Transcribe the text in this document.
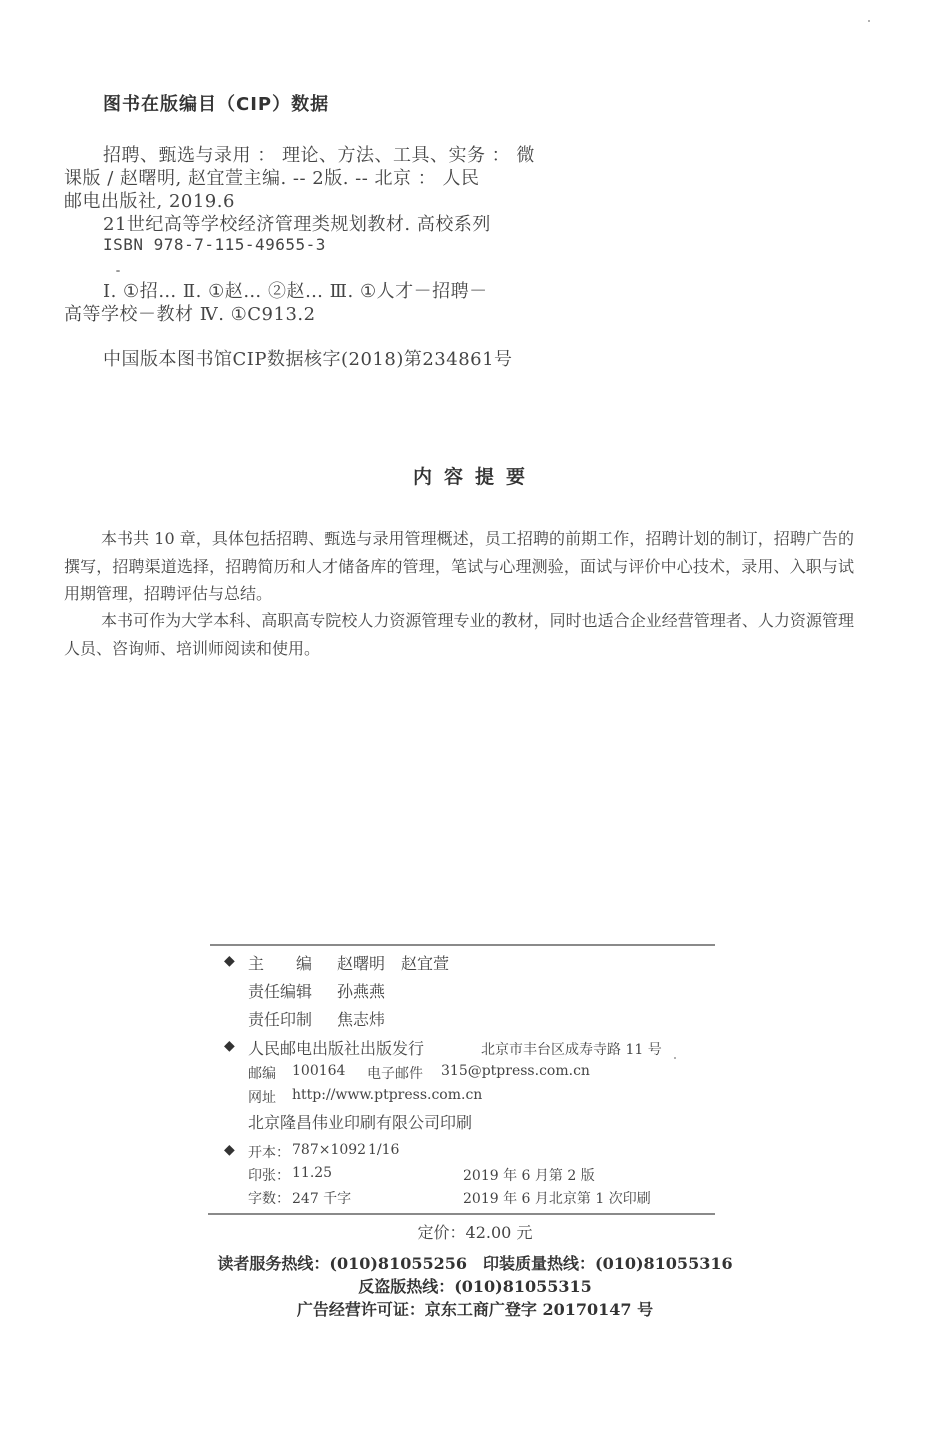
图书在版编目（CIP）数据
招聘、甄选与录用 ： 理论、方法、工具、实务 ： 微
课版 / 赵曙明, 赵宜萱主编. -- 2版. -- 北京 ： 人民
邮电出版社, 2019.6
21世纪高等学校经济管理类规划教材. 高校系列
ISBN 978-7-115-49655-3
Ⅰ. ①招… Ⅱ. ①赵… ②赵… Ⅲ. ①人才－招聘－
高等学校－教材 Ⅳ. ①C913.2
中国版本图书馆CIP数据核字(2018)第234861号
内容提要
本书共 10 章，具体包括招聘、甄选与录用管理概述，员工招聘的前期工作，招聘计划的制订，招聘广告的撰写，招聘渠道选择，招聘简历和人才储备库的管理，笔试与心理测验，面试与评价中心技术，录用、入职与试用期管理，招聘评估与总结。
本书可作为大学本科、高职高专院校人力资源管理专业的教材，同时也适合企业经营管理者、人力资源管理人员、咨询师、培训师阅读和使用。
◆ 主　　编 赵曙明　赵宜萱
责任编辑 孙燕燕
责任印制 焦志炜
◆ 人民邮电出版社出版发行	北京市丰台区成寿寺路 11 号
邮编 100164 电子邮件 315@ptpress.com.cn
网址 http://www.ptpress.com.cn
北京隆昌伟业印刷有限公司印刷
◆ 开本： 787×1092 1/16
印张： 11.25	2019 年 6 月第 2 版
字数： 247 千字	2019 年 6 月北京第 1 次印刷
定价：42.00 元
读者服务热线：(010)81055256　印装质量热线：(010)81055316
反盗版热线：(010)81055315
广告经营许可证：京东工商广登字 20170147 号
